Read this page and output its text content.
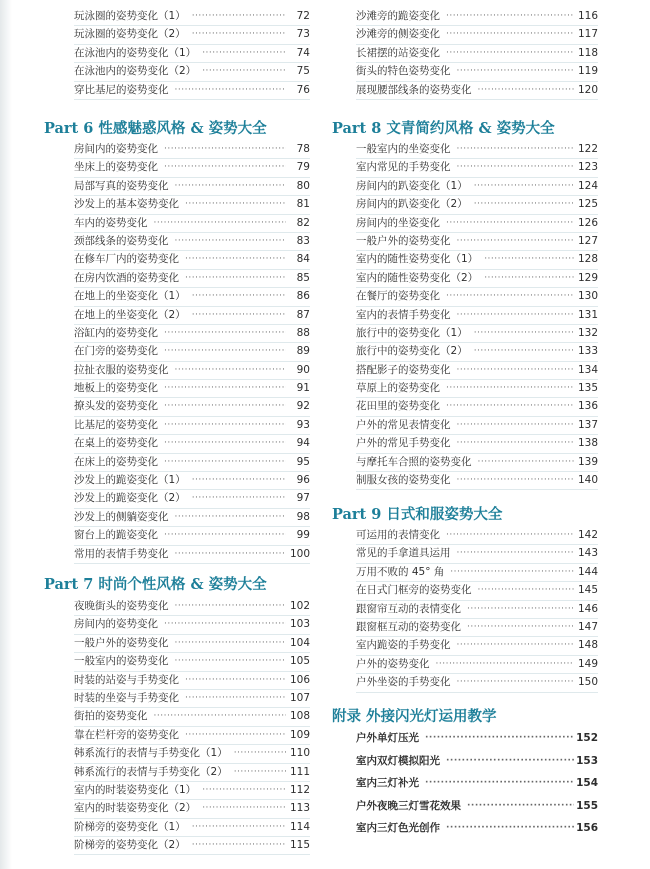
玩泳圈的姿势变化（1） ·····	72
玩泳圈的姿势变化（2） ·····	73
在泳池内的姿势变化（1） ·····	74
在泳池内的姿势变化（2） ·····	75
穿比基尼的姿势变化 ·····	76
Part 6 性感魅惑风格 & 姿势大全
房间内的姿势变化 ·····	78
坐床上的姿势变化 ·····	79
局部写真的姿势变化 ·····	80
沙发上的基本姿势变化 ·····	81
车内的姿势变化 ·····	82
颈部线条的姿势变化 ·····	83
在修车厂内的姿势变化 ·····	84
在房内饮酒的姿势变化 ·····	85
在地上的坐姿变化（1） ·····	86
在地上的坐姿变化（2） ·····	87
浴缸内的姿势变化 ·····	88
在门旁的姿势变化 ·····	89
拉扯衣服的姿势变化 ·····	90
地板上的姿势变化 ·····	91
撩头发的姿势变化 ·····	92
比基尼的姿势变化 ·····	93
在桌上的姿势变化 ·····	94
在床上的姿势变化 ·····	95
沙发上的跪姿变化（1） ·····	96
沙发上的跪姿变化（2） ·····	97
沙发上的侧躺姿变化 ·····	98
窗台上的跪姿变化 ·····	99
常用的表情手势变化 ·····	100
Part 7 时尚个性风格 & 姿势大全
夜晚街头的姿势变化 ·····	102
房间内的姿势变化 ·····	103
一般户外的姿势变化 ·····	104
一般室内的姿势变化 ·····	105
时装的站姿与手势变化 ·····	106
时装的坐姿与手势变化 ·····	107
街拍的姿势变化 ·····	108
靠在栏杆旁的姿势变化 ·····	109
韩系流行的表情与手势变化（1） ·····	110
韩系流行的表情与手势变化（2） ·····	111
室内的时装姿势变化（1） ·····	112
室内的时装姿势变化（2） ·····	113
阶梯旁的姿势变化（1） ·····	114
阶梯旁的姿势变化（2） ·····	115
沙滩旁的跪姿变化 ·····	116
沙滩旁的侧姿变化 ·····	117
长裙摆的站姿变化 ·····	118
街头的特色姿势变化 ·····	119
展现腰部线条的姿势变化 ·····	120
Part 8 文青简约风格 & 姿势大全
一般室内的坐姿变化 ·····	122
室内常见的手势变化 ·····	123
房间内的趴姿变化（1） ·····	124
房间内的趴姿变化（2） ·····	125
房间内的坐姿变化 ·····	126
一般户外的姿势变化 ·····	127
室内的随性姿势变化（1） ·····	128
室内的随性姿势变化（2） ·····	129
在餐厅的姿势变化 ·····	130
室内的表情手势变化 ·····	131
旅行中的姿势变化（1） ·····	132
旅行中的姿势变化（2） ·····	133
搭配影子的姿势变化 ·····	134
草原上的姿势变化 ·····	135
花田里的姿势变化 ·····	136
户外的常见表情变化 ·····	137
户外的常见手势变化 ·····	138
与摩托车合照的姿势变化 ·····	139
制服女孩的姿势变化 ·····	140
Part 9 日式和服姿势大全
可运用的表情变化 ·····	142
常见的手拿道具运用 ·····	143
万用不败的 45° 角 ·····	144
在日式门框旁的姿势变化 ·····	145
跟窗帘互动的表情变化 ·····	146
跟窗框互动的姿势变化 ·····	147
室内跪姿的手势变化 ·····	148
户外的姿势变化 ·····	149
户外坐姿的手势变化 ·····	150
附录 外接闪光灯运用教学
户外单灯压光 ·····	152
室内双灯模拟阳光 ·····	153
室内三灯补光 ·····	154
户外夜晚三灯雪花效果 ·····	155
室内三灯色光创作 ·····	156
